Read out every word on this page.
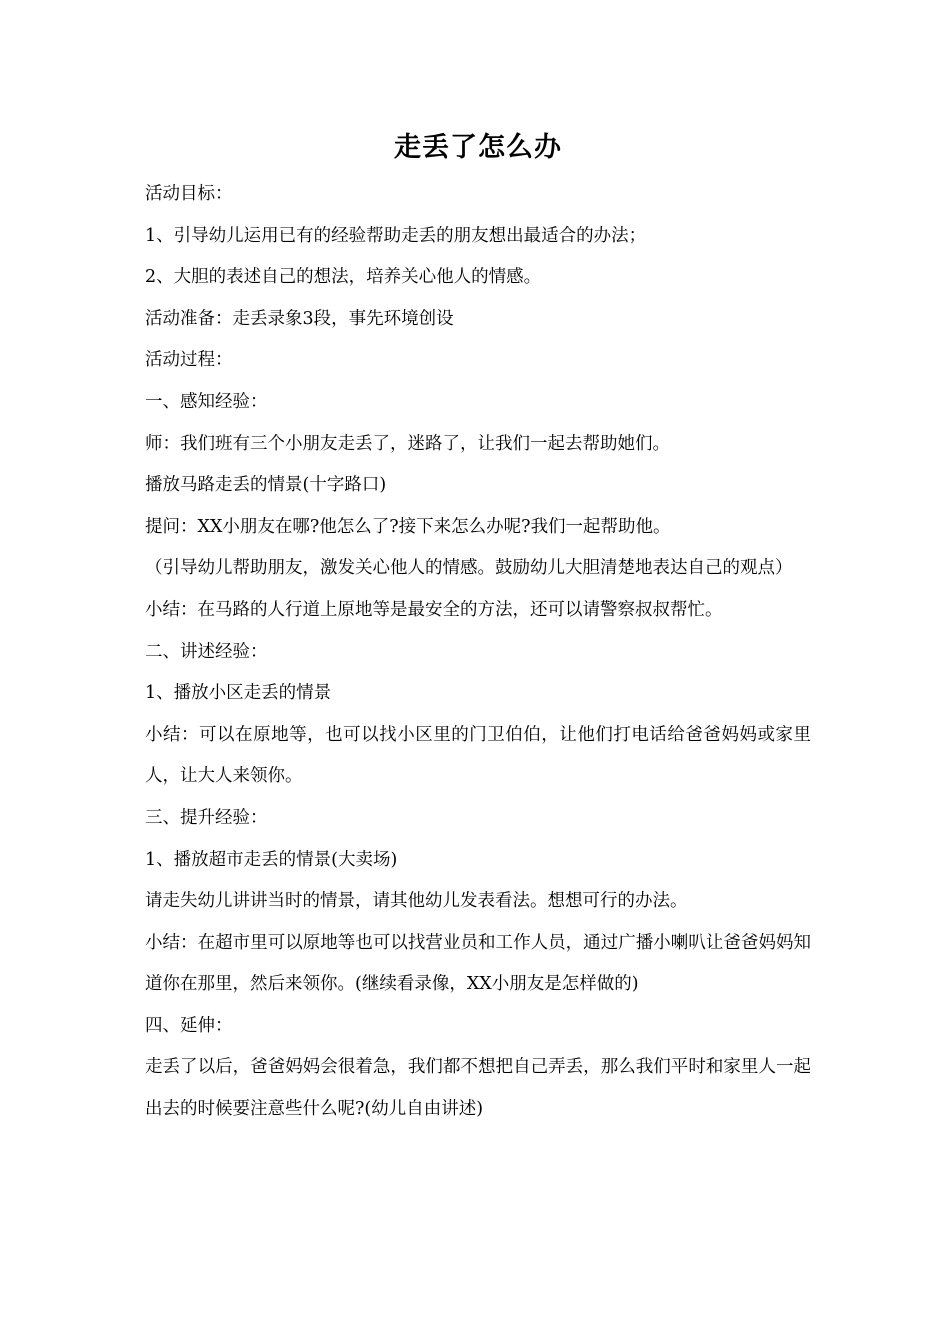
走丢了怎么办

活动目标：

1、引导幼儿运用已有的经验帮助走丢的朋友想出最适合的办法；

2、大胆的表述自己的想法，培养关心他人的情感。

活动准备：走丢录象3段，事先环境创设

活动过程：

一、感知经验：

师：我们班有三个小朋友走丢了，迷路了，让我们一起去帮助她们。

播放马路走丢的情景(十字路口)

提问：XX小朋友在哪?他怎么了?接下来怎么办呢?我们一起帮助他。

（引导幼儿帮助朋友，激发关心他人的情感。鼓励幼儿大胆清楚地表达自己的观点）

小结：在马路的人行道上原地等是最安全的方法，还可以请警察叔叔帮忙。

二、讲述经验：

1、播放小区走丢的情景

小结：可以在原地等，也可以找小区里的门卫伯伯，让他们打电话给爸爸妈妈或家里人，让大人来领你。

三、提升经验：

1、播放超市走丢的情景(大卖场)

请走失幼儿讲讲当时的情景，请其他幼儿发表看法。想想可行的办法。

小结：在超市里可以原地等也可以找营业员和工作人员，通过广播小喇叭让爸爸妈妈知道你在那里，然后来领你。(继续看录像，XX小朋友是怎样做的)

四、延伸：

走丢了以后，爸爸妈妈会很着急，我们都不想把自己弄丢，那么我们平时和家里人一起出去的时候要注意些什么呢?(幼儿自由讲述)
